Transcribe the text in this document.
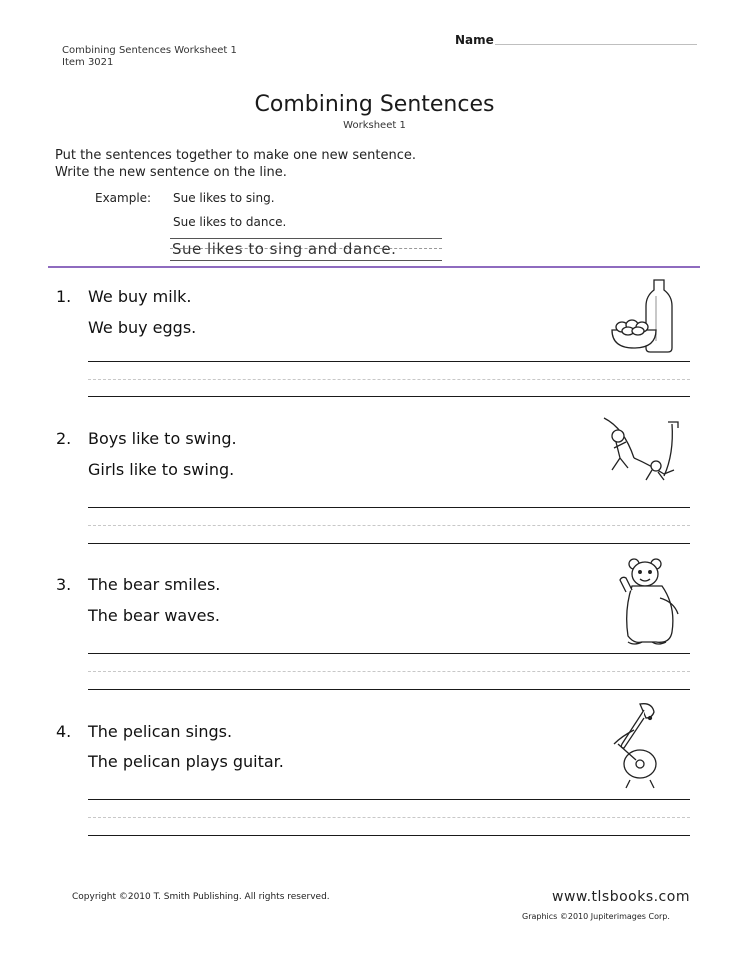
Name
Combining Sentences Worksheet 1
Item 3021
Combining Sentences
Worksheet 1
Put the sentences together to make one new sentence.
Write the new sentence on the line.
Example: Sue likes to sing.
Sue likes to dance.
Sue likes to sing and dance.
1. We buy milk.
We buy eggs.
2. Boys like to swing.
Girls like to swing.
3. The bear smiles.
The bear waves.
4. The pelican sings.
The pelican plays guitar.
Copyright ©2010 T. Smith Publishing. All rights reserved.	www.tlsbooks.com
Graphics ©2010 Jupiterimages Corp.
